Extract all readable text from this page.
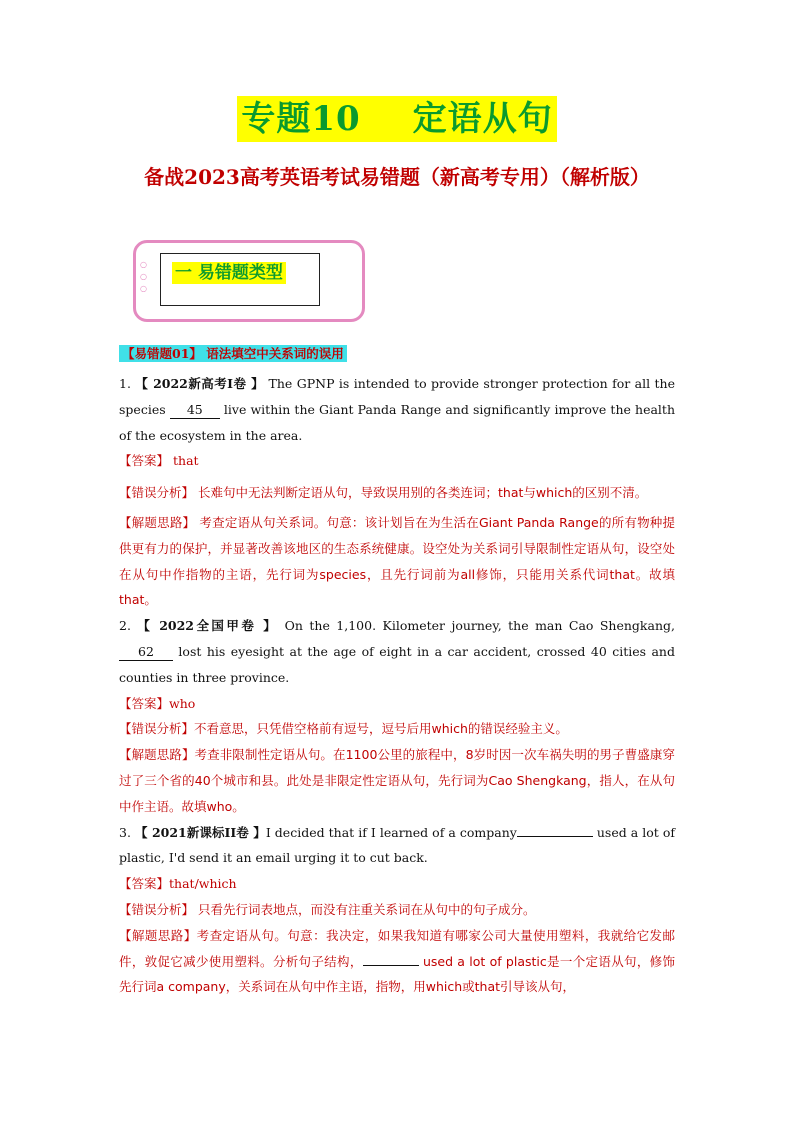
专题10 定语从句
备战2023高考英语考试易错题（新高考专用）（解析版）
○
○
○
一 易错题类型
【易错题01】 语法填空中关系词的误用

1. 【 2022新高考I卷 】 The GPNP is intended to provide stronger protection for all the species 45 live within the Giant Panda Range and significantly improve the health of the ecosystem in the area.

【答案】 that

【错误分析】 长难句中无法判断定语从句，导致误用别的各类连词；that与which的区别不清。

【解题思路】 考查定语从句关系词。句意：该计划旨在为生活在Giant Panda Range的所有物种提供更有力的保护，并显著改善该地区的生态系统健康。设空处为关系词引导限制性定语从句，设空处在从句中作指物的主语，先行词为species，且先行词前为all修饰，只能用关系代词that。故填that。

2. 【 2022全国甲卷 】 On the 1,100. Kilometer journey, the man Cao Shengkang, 62 lost his eyesight at the age of eight in a car accident, crossed 40 cities and counties in three province.

【答案】who

【错误分析】不看意思，只凭借空格前有逗号，逗号后用which的错误经验主义。

【解题思路】考查非限制性定语从句。在1100公里的旅程中，8岁时因一次车祸失明的男子曹盛康穿过了三个省的40个城市和县。此处是非限定性定语从句，先行词为Cao Shengkang，指人，在从句中作主语。故填who。

3. 【 2021新课标II卷 】I decided that if I learned of a company	used a lot of plastic, I'd send it an email urging it to cut back.

【答案】that/which

【错误分析】 只看先行词表地点，而没有注重关系词在从句中的句子成分。

【解题思路】考查定语从句。句意：我决定，如果我知道有哪家公司大量使用塑料，我就给它发邮件，敦促它减少使用塑料。分析句子结构，	used a lot of plastic是一个定语从句，修饰先行词a company，关系词在从句中作主语，指物，用which或that引导该从句，
